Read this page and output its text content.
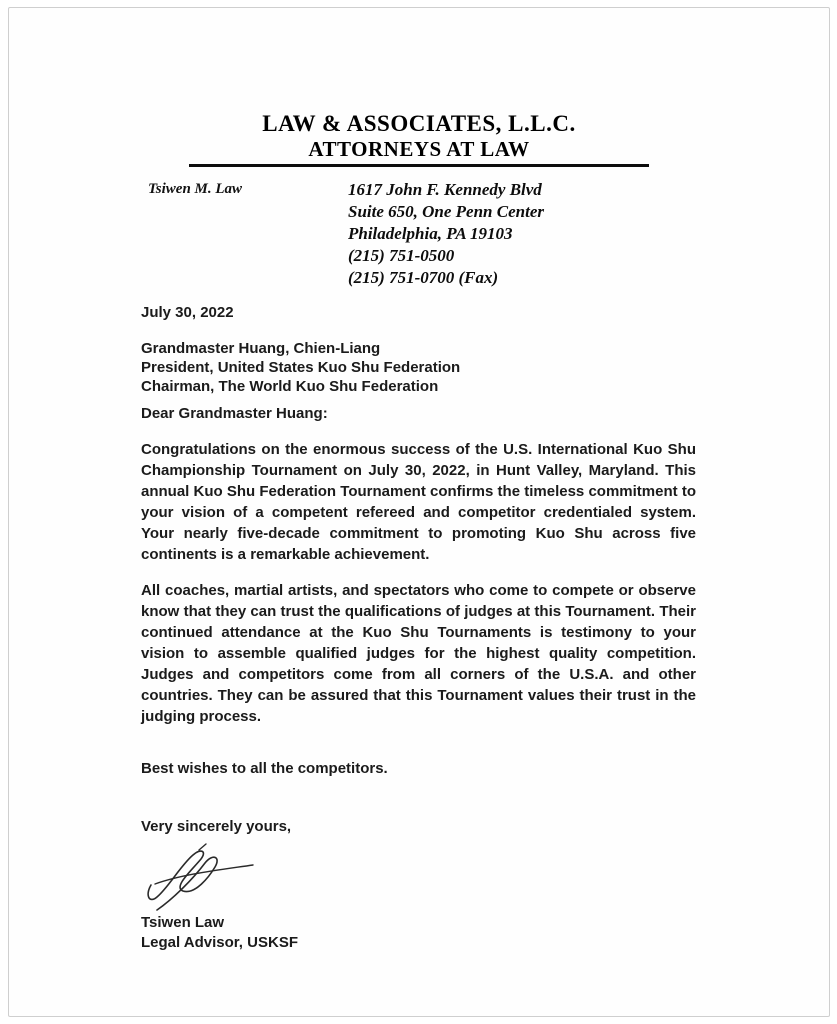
LAW & ASSOCIATES, L.L.C.
ATTORNEYS AT LAW
Tsiwen M. Law	1617 John F. Kennedy Blvd
Suite 650, One Penn Center
Philadelphia, PA 19103
(215) 751-0500
(215) 751-0700 (Fax)
July 30, 2022
Grandmaster Huang, Chien-Liang
President, United States Kuo Shu Federation
Chairman, The World Kuo Shu Federation
Dear Grandmaster Huang:
Congratulations on the enormous success of the U.S. International Kuo Shu Championship Tournament on July 30, 2022, in Hunt Valley, Maryland. This annual Kuo Shu Federation Tournament confirms the timeless commitment to your vision of a competent refereed and competitor credentialed system. Your nearly five-decade commitment to promoting Kuo Shu across five continents is a remarkable achievement.
All coaches, martial artists, and spectators who come to compete or observe know that they can trust the qualifications of judges at this Tournament. Their continued attendance at the Kuo Shu Tournaments is testimony to your vision to assemble qualified judges for the highest quality competition. Judges and competitors come from all corners of the U.S.A. and other countries. They can be assured that this Tournament values their trust in the judging process.
Best wishes to all the competitors.
Very sincerely yours,
Tsiwen Law
Legal Advisor, USKSF
